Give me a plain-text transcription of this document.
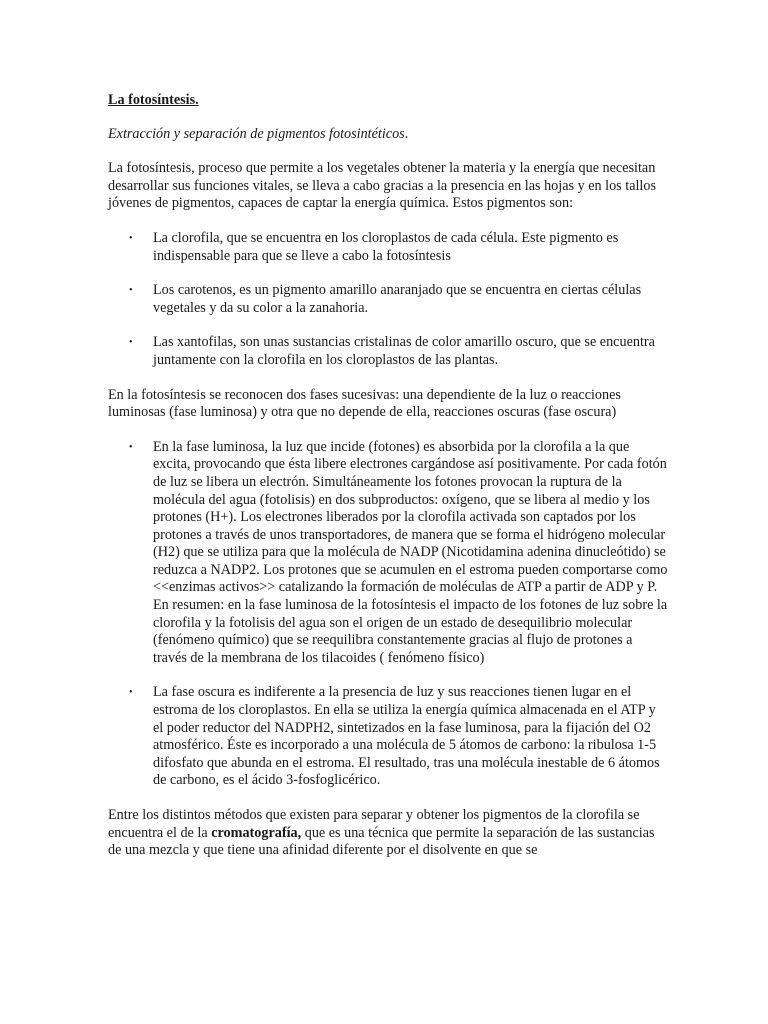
La fotosíntesis.
Extracción y separación de pigmentos fotosintéticos.

La fotosíntesis, proceso que permite a los vegetales obtener la materia y la energía que necesitan desarrollar sus funciones vitales, se lleva a cabo gracias a la presencia en las hojas y en los tallos jóvenes de pigmentos, capaces de captar la energía química. Estos pigmentos son:

• La clorofila, que se encuentra en los cloroplastos de cada célula. Este pigmento es indispensable para que se lleve a cabo la fotosíntesis
• Los carotenos, es un pigmento amarillo anaranjado que se encuentra en ciertas células vegetales y da su color a la zanahoria.
• Las xantofilas, son unas sustancias cristalinas de color amarillo oscuro, que se encuentra juntamente con la clorofila en los cloroplastos de las plantas.

En la fotosíntesis se reconocen dos fases sucesivas: una dependiente de la luz o reacciones luminosas (fase luminosa) y otra que no depende de ella, reacciones oscuras (fase oscura)

• En la fase luminosa, la luz que incide (fotones) es absorbida por la clorofila a la que excita, provocando que ésta libere electrones cargándose así positivamente. Por cada fotón de luz se libera un electrón. Simultáneamente los fotones provocan la ruptura de la molécula del agua (fotolisis) en dos subproductos: oxígeno, que se libera al medio y los protones (H+). Los electrones liberados por la clorofila activada son captados por los protones a través de unos transportadores, de manera que se forma el hidrógeno molecular (H2) que se utiliza para que la molécula de NADP (Nicotidamina adenina dinucleótido) se reduzca a NADP2. Los protones que se acumulen en el estroma pueden comportarse como <<enzimas activos>> catalizando la formación de moléculas de ATP a partir de ADP y P. En resumen: en la fase luminosa de la fotosíntesis el impacto de los fotones de luz sobre la clorofila y la fotolisis del agua son el origen de un estado de desequilibrio molecular (fenómeno químico) que se reequilibra constantemente gracias al flujo de protones a través de la membrana de los tilacoides ( fenómeno físico)
• La fase oscura es indiferente a la presencia de luz y sus reacciones tienen lugar en el estroma de los cloroplastos. En ella se utiliza la energía química almacenada en el ATP y el poder reductor del NADPH2, sintetizados en la fase luminosa, para la fijación del O2 atmosférico. Éste es incorporado a una molécula de 5 átomos de carbono: la ribulosa 1-5 difosfato que abunda en el estroma. El resultado, tras una molécula inestable de 6 átomos de carbono, es el ácido 3-fosfoglicérico.

Entre los distintos métodos que existen para separar y obtener los pigmentos de la clorofila se encuentra el de la cromatografía, que es una técnica que permite la separación de las sustancias de una mezcla y que tiene una afinidad diferente por el disolvente en que se
